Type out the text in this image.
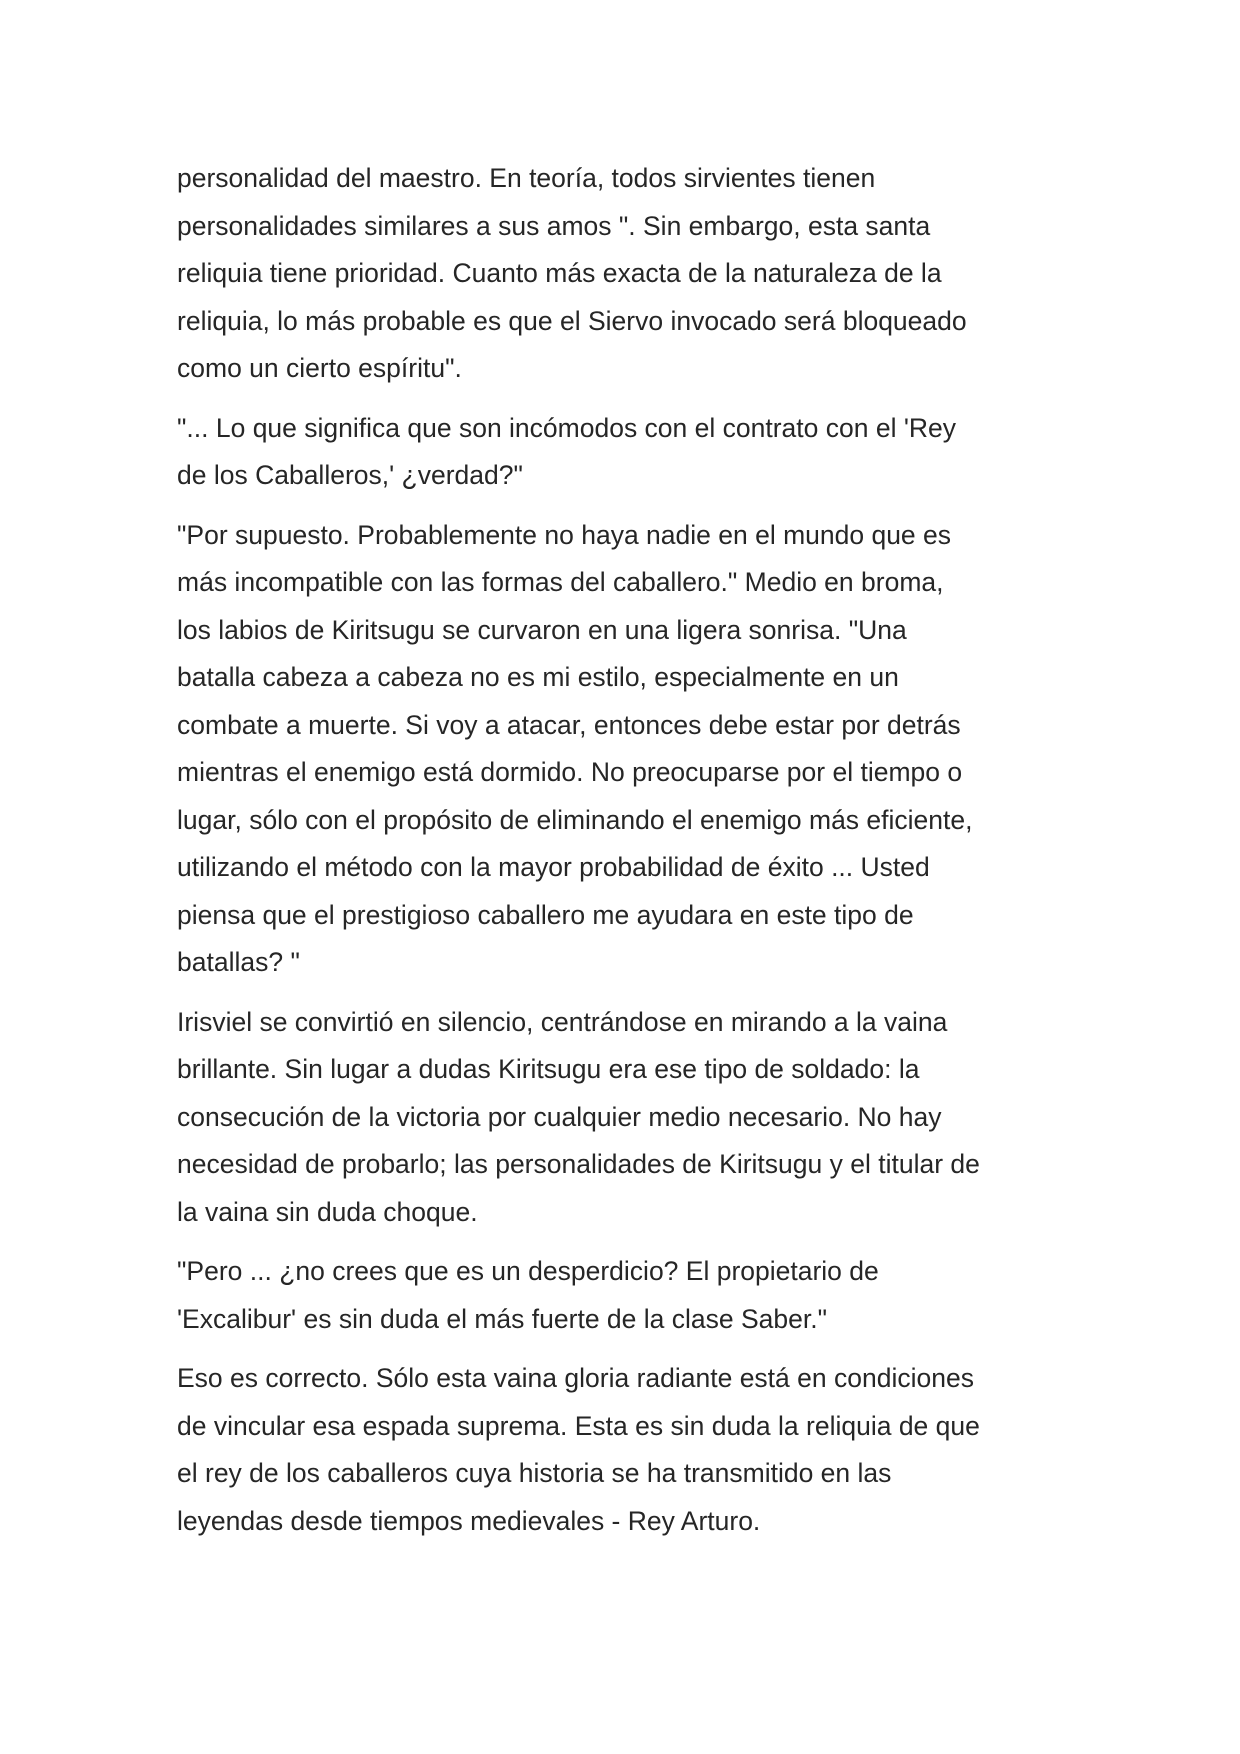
personalidad del maestro. En teoría, todos sirvientes tienen
personalidades similares a sus amos ". Sin embargo, esta santa
reliquia tiene prioridad. Cuanto más exacta de la naturaleza de la
reliquia, lo más probable es que el Siervo invocado será bloqueado
como un cierto espíritu".
"... Lo que significa que son incómodos con el contrato con el 'Rey
de los Caballeros,' ¿verdad?"
"Por supuesto. Probablemente no haya nadie en el mundo que es
más incompatible con las formas del caballero." Medio en broma,
los labios de Kiritsugu se curvaron en una ligera sonrisa. "Una
batalla cabeza a cabeza no es mi estilo, especialmente en un
combate a muerte. Si voy a atacar, entonces debe estar por detrás
mientras el enemigo está dormido. No preocuparse por el tiempo o
lugar, sólo con el propósito de eliminando el enemigo más eficiente,
utilizando el método con la mayor probabilidad de éxito ... Usted
piensa que el prestigioso caballero me ayudara en este tipo de
batallas? "
Irisviel se convirtió en silencio, centrándose en mirando a la vaina
brillante. Sin lugar a dudas Kiritsugu era ese tipo de soldado: la
consecución de la victoria por cualquier medio necesario. No hay
necesidad de probarlo; las personalidades de Kiritsugu y el titular de
la vaina sin duda choque.
"Pero ... ¿no crees que es un desperdicio? El propietario de
'Excalibur' es sin duda el más fuerte de la clase Saber."
Eso es correcto. Sólo esta vaina gloria radiante está en condiciones
de vincular esa espada suprema. Esta es sin duda la reliquia de que
el rey de los caballeros cuya historia se ha transmitido en las
leyendas desde tiempos medievales - Rey Arturo.
